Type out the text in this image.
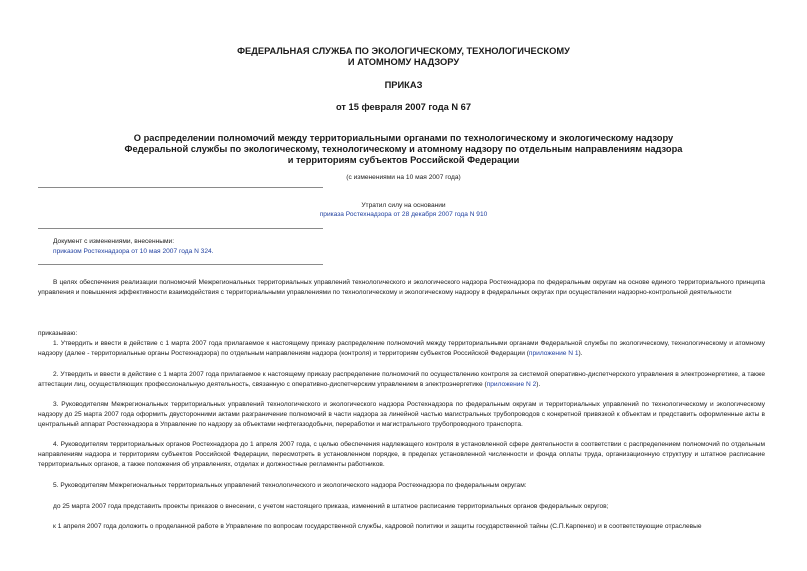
ФЕДЕРАЛЬНАЯ СЛУЖБА ПО ЭКОЛОГИЧЕСКОМУ, ТЕХНОЛОГИЧЕСКОМУ
И АТОМНОМУ НАДЗОРУ
ПРИКАЗ
от 15 февраля 2007 года N 67
О распределении полномочий между территориальными органами по технологическому и экологическому надзору
Федеральной службы по экологическому, технологическому и атомному надзору по отдельным направлениям надзора
и территориям субъектов Российской Федерации
(с изменениями на 10 мая 2007 года)
Утратил силу на основании
приказа Ростехнадзора от 28 декабря 2007 года N 910
Документ с изменениями, внесенными:
приказом Ростехнадзора от 10 мая 2007 года N 324.
В целях обеспечения реализации полномочий Межрегиональных территориальных управлений технологического и экологического надзора Ростехнадзора по федеральным округам на основе единого территориального принципа управления и повышения эффективности взаимодействия с территориальными управлениями по технологическому и экологическому надзору в федеральных округах при осуществлении надзорно-контрольной деятельности
приказываю:
1. Утвердить и ввести в действие с 1 марта 2007 года прилагаемое к настоящему приказу распределение полномочий между территориальными органами Федеральной службы по экологическому, технологическому и атомному надзору (далее - территориальные органы Ростехнадзора) по отдельным направлениям надзора (контроля) и территориям субъектов Российской Федерации (приложение N 1).
2. Утвердить и ввести в действие с 1 марта 2007 года прилагаемое к настоящему приказу распределение полномочий по осуществлению контроля за системой оперативно-диспетчерского управления в электроэнергетике, а также аттестации лиц, осуществляющих профессиональную деятельность, связанную с оперативно-диспетчерским управлением в электроэнергетике (приложение N 2).
3. Руководителям Межрегиональных территориальных управлений технологического и экологического надзора Ростехнадзора по федеральным округам и территориальных управлений по технологическому и экологическому надзору до 25 марта 2007 года оформить двусторонними актами разграничение полномочий в части надзора за линейной частью магистральных трубопроводов с конкретной привязкой к объектам и представить оформленные акты в центральный аппарат Ростехнадзора в Управление по надзору за объектами нефтегазодобычи, переработки и магистрального трубопроводного транспорта.
4. Руководителям территориальных органов Ростехнадзора до 1 апреля 2007 года, с целью обеспечения надлежащего контроля в установленной сфере деятельности в соответствии с распределением полномочий по отдельным направлениям надзора и территориям субъектов Российской Федерации, пересмотреть в установленном порядке, в пределах установленной численности и фонда оплаты труда, организационную структуру и штатное расписание территориальных органов, а также положения об управлениях, отделах и должностные регламенты работников.
5. Руководителям Межрегиональных территориальных управлений технологического и экологического надзора Ростехнадзора по федеральным округам:
до 25 марта 2007 года представить проекты приказов о внесении, с учетом настоящего приказа, изменений в штатное расписание территориальных органов федеральных округов;
к 1 апреля 2007 года доложить о проделанной работе в Управление по вопросам государственной службы, кадровой политики и защиты государственной тайны (С.П.Карпенко) и в соответствующие отраслевые
